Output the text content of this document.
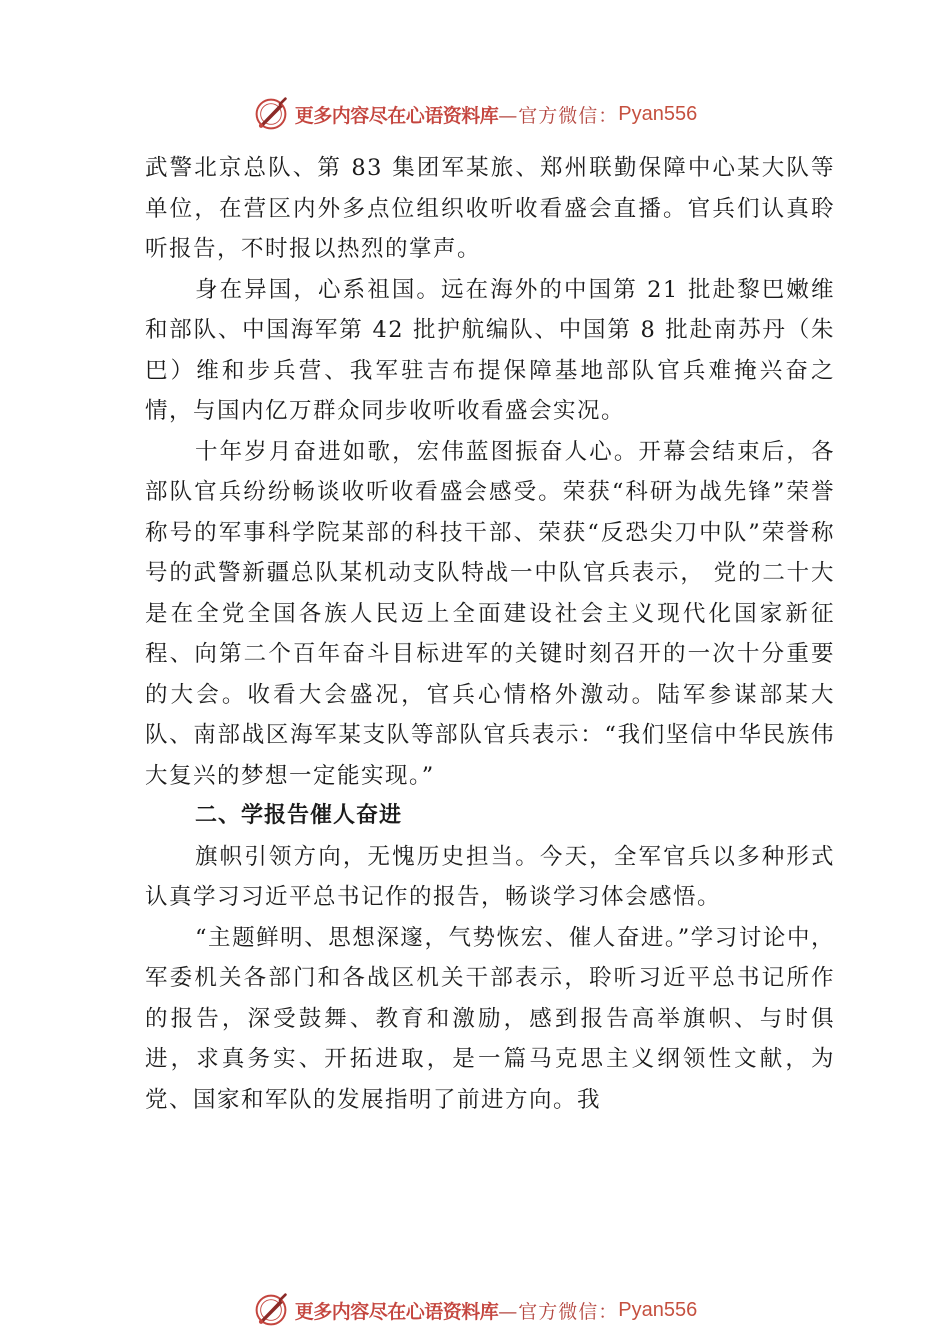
更多内容尽在心语资料库 —官方微信： Pyan556

武警北京总队、第 83 集团军某旅、郑州联勤保障中心某大队等单位，在营区内外多点位组织收听收看盛会直播。官兵们认真聆听报告，不时报以热烈的掌声。

身在异国，心系祖国。远在海外的中国第 21 批赴黎巴嫩维和部队、中国海军第 42 批护航编队、中国第 8 批赴南苏丹（朱巴）维和步兵营、我军驻吉布提保障基地部队官兵难掩兴奋之情，与国内亿万群众同步收听收看盛会实况。

十年岁月奋进如歌，宏伟蓝图振奋人心。开幕会结束后，各部队官兵纷纷畅谈收听收看盛会感受。荣获“科研为战先锋”荣誉称号的军事科学院某部的科技干部、荣获“反恐尖刀中队”荣誉称号的武警新疆总队某机动支队特战一中队官兵表示， 党的二十大是在全党全国各族人民迈上全面建设社会主义现代化国家新征程、向第二个百年奋斗目标进军的关键时刻召开的一次十分重要的大会。收看大会盛况，官兵心情格外激动。陆军参谋部某大队、南部战区海军某支队等部队官兵表示：“我们坚信中华民族伟大复兴的梦想一定能实现。”

二、学报告催人奋进

旗帜引领方向，无愧历史担当。今天，全军官兵以多种形式认真学习习近平总书记作的报告，畅谈学习体会感悟。

“主题鲜明、思想深邃，气势恢宏、催人奋进。”学习讨论中，军委机关各部门和各战区机关干部表示，聆听习近平总书记所作的报告，深受鼓舞、教育和激励，感到报告高举旗帜、与时俱进，求真务实、开拓进取，是一篇马克思主义纲领性文献，为党、国家和军队的发展指明了前进方向。我

更多内容尽在心语资料库 —官方微信： Pyan556
